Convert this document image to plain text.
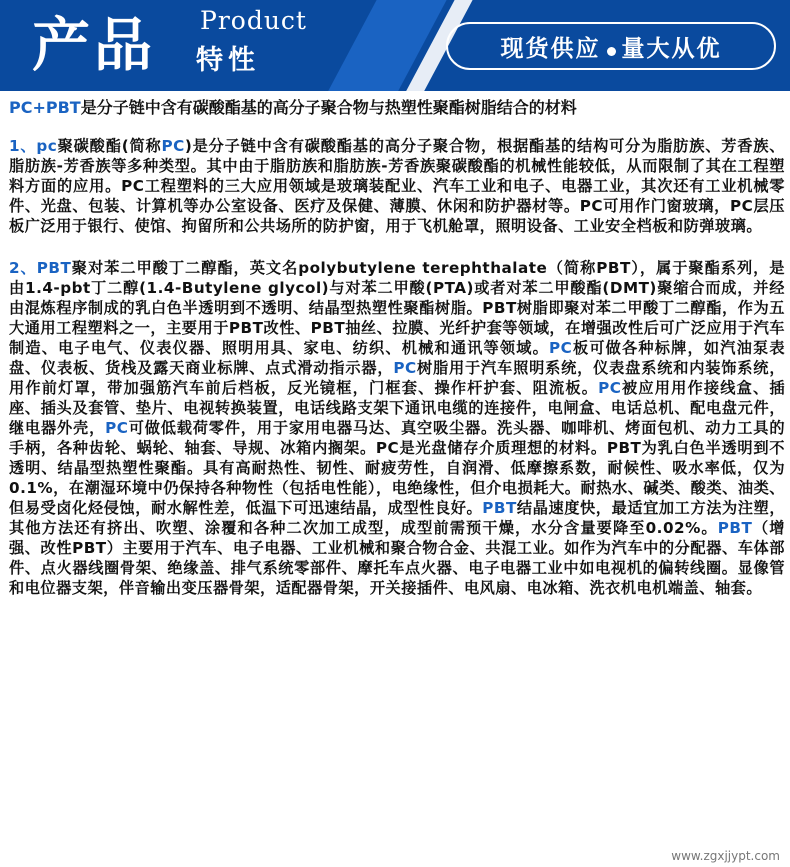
产品 Product
特性	现货供应 量大从优

PC+PBT是分子链中含有碳酸酯基的高分子聚合物与热塑性聚酯树脂结合的材料

1、pc聚碳酸酯(简称PC)是分子链中含有碳酸酯基的高分子聚合物，根据酯基的结构可分为脂肪族、芳香族、脂肪族-芳香族等多种类型。其中由于脂肪族和脂肪族-芳香族聚碳酸酯的机械性能较低，从而限制了其在工程塑料方面的应用。PC工程塑料的三大应用领域是玻璃装配业、汽车工业和电子、电器工业，其次还有工业机械零件、光盘、包装、计算机等办公室设备、医疗及保健、薄膜、休闲和防护器材等。PC可用作门窗玻璃，PC层压板广泛用于银行、使馆、拘留所和公共场所的防护窗，用于飞机舱罩，照明设备、工业安全档板和防弹玻璃。

2、PBT聚对苯二甲酸丁二醇酯，英文名polybutylene terephthalate（简称PBT），属于聚酯系列，是由1.4-pbt丁二醇(1.4-Butylene glycol)与对苯二甲酸(PTA)或者对苯二甲酸酯(DMT)聚缩合而成，并经由混炼程序制成的乳白色半透明到不透明、结晶型热塑性聚酯树脂。PBT树脂即聚对苯二甲酸丁二醇酯，作为五大通用工程塑料之一，主要用于PBT改性、PBT抽丝、拉膜、光纤护套等领域，在增强改性后可广泛应用于汽车制造、电子电气、仪表仪器、照明用具、家电、纺织、机械和通讯等领域。PC板可做各种标牌，如汽油泵表盘、仪表板、货栈及露天商业标牌、点式滑动指示器，PC树脂用于汽车照明系统，仪表盘系统和内装饰系统，用作前灯罩，带加强筋汽车前后档板，反光镜框，门框套、操作杆护套、阻流板。PC被应用用作接线盒、插座、插头及套管、垫片、电视转换装置，电话线路支架下通讯电缆的连接件，电闸盒、电话总机、配电盘元件，继电器外壳，PC可做低载荷零件，用于家用电器马达、真空吸尘器。洗头器、咖啡机、烤面包机、动力工具的手柄，各种齿轮、蜗轮、轴套、导规、冰箱内搁架。PC是光盘储存介质理想的材料。PBT为乳白色半透明到不透明、结晶型热塑性聚酯。具有高耐热性、韧性、耐疲劳性，自润滑、低摩擦系数，耐候性、吸水率低，仅为0.1%，在潮湿环境中仍保持各种物性（包括电性能），电绝缘性，但介电损耗大。耐热水、碱类、酸类、油类、但易受卤化烃侵蚀，耐水解性差，低温下可迅速结晶，成型性良好。PBT结晶速度快，最适宜加工方法为注塑，其他方法还有挤出、吹塑、涂覆和各种二次加工成型，成型前需预干燥，水分含量要降至0.02%。PBT（增强、改性PBT）主要用于汽车、电子电器、工业机械和聚合物合金、共混工业。如作为汽车中的分配器、车体部件、点火器线圈骨架、绝缘盖、排气系统零部件、摩托车点火器、电子电器工业中如电视机的偏转线圈。显像管和电位器支架，伴音输出变压器骨架，适配器骨架，开关接插件、电风扇、电冰箱、洗衣机电机端盖、轴套。

www.zgxjjypt.com
